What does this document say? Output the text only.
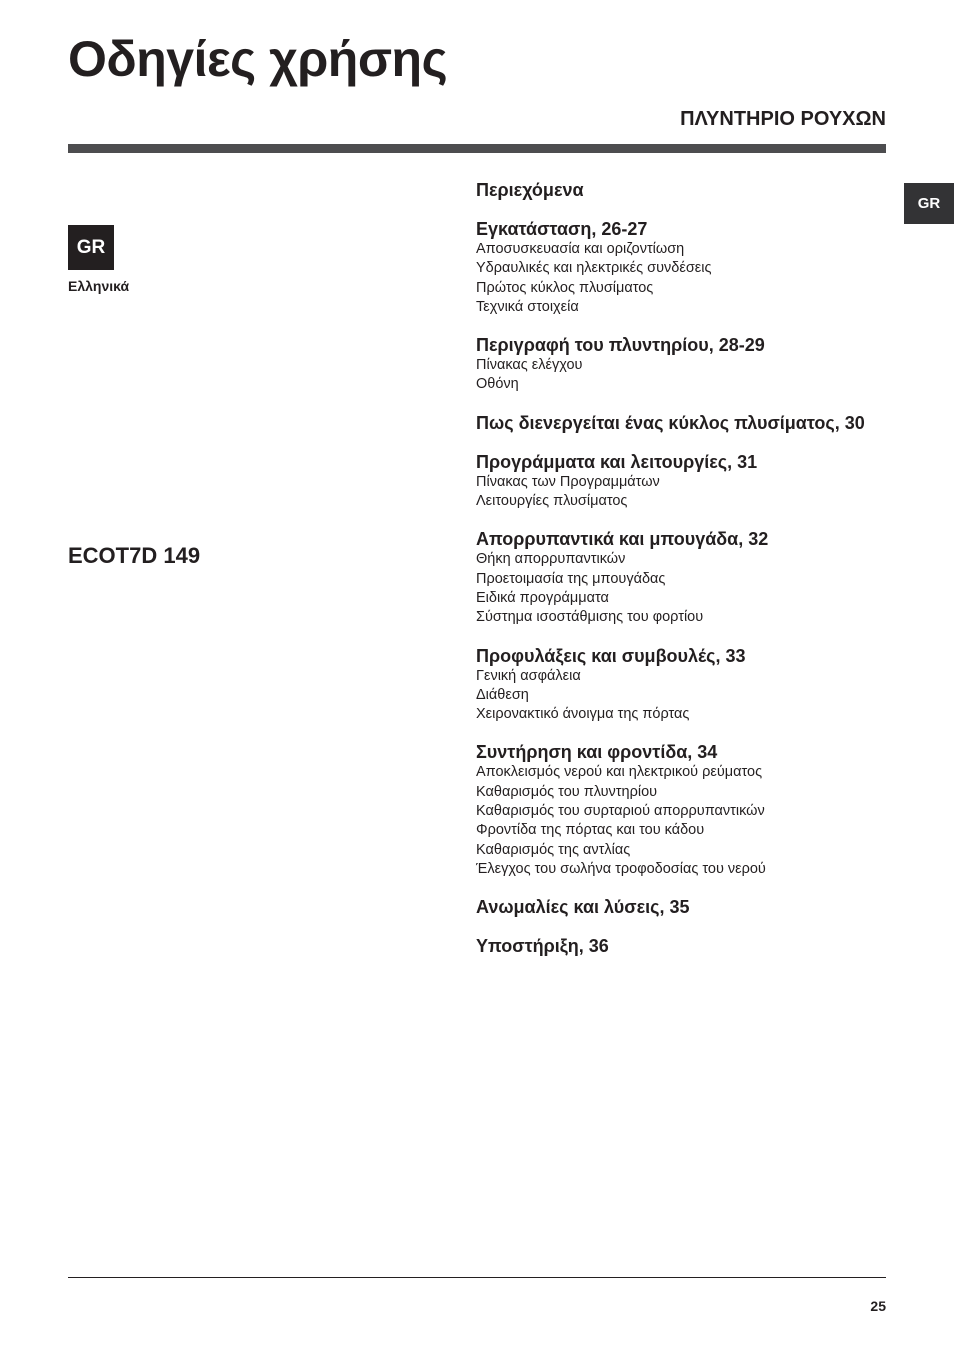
Οδηγίες χρήσης
ΠΛΥΝΤΗΡΙΟ ΡΟΥΧΩΝ
GR
GR
Ελληνικά
ECOT7D 149
Περιεχόμενα
Εγκατάσταση, 26-27
Αποσυσκευασία και οριζοντίωση
Υδραυλικές και ηλεκτρικές συνδέσεις
Πρώτος κύκλος πλυσίματος
Τεχνικά στοιχεία
Περιγραφή του πλυντηρίου, 28-29
Πίνακας ελέγχου
Οθόνη
Πως διενεργείται ένας κύκλος πλυσίματος, 30
Προγράμματα και λειτουργίες, 31
Πίνακας των Προγραμμάτων
Λειτουργίες πλυσίματος
Απορρυπαντικά και μπουγάδα, 32
Θήκη απορρυπαντικών
Προετοιμασία της μπουγάδας
Ειδικά προγράμματα
Σύστημα ισοστάθμισης του φορτίου
Προφυλάξεις και συμβουλές, 33
Γενική ασφάλεια
Διάθεση
Χειρονακτικό άνοιγμα της πόρτας
Συντήρηση και φροντίδα, 34
Αποκλεισμός νερού και ηλεκτρικού ρεύματος
Καθαρισμός του πλυντηρίου
Καθαρισμός του συρταριού απορρυπαντικών
Φροντίδα της πόρτας και του κάδου
Καθαρισμός της αντλίας
Έλεγχος του σωλήνα τροφοδοσίας του νερού
Ανωμαλίες και λύσεις, 35
Υποστήριξη, 36
25
